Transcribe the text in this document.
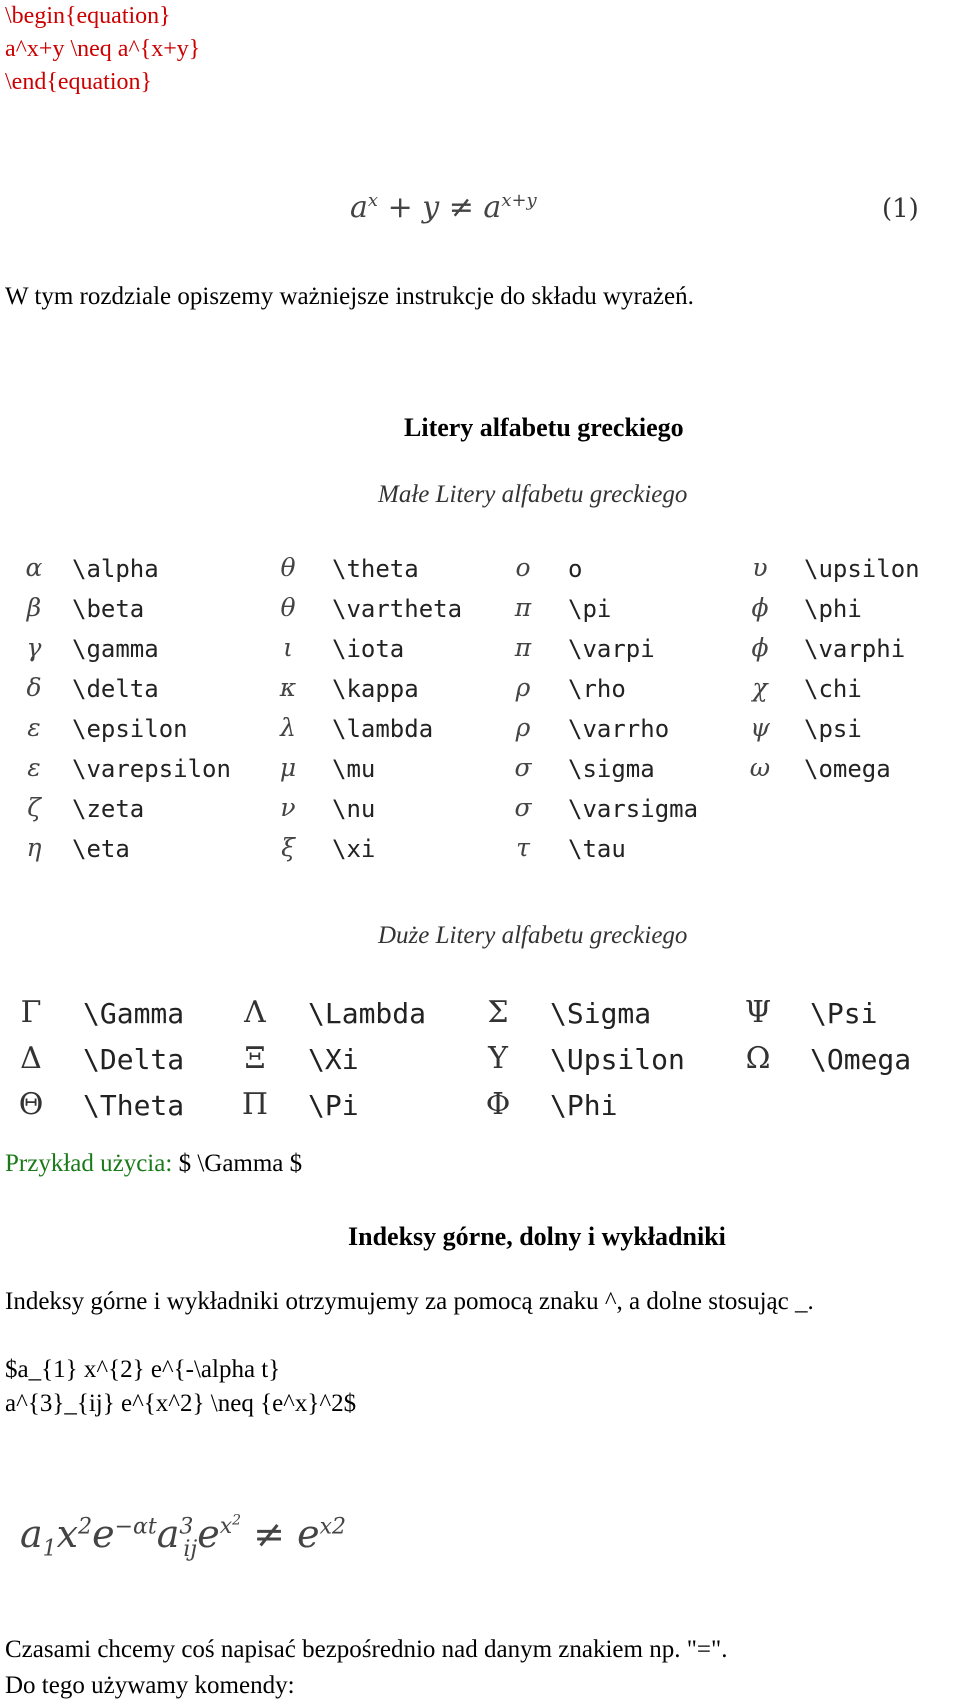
\begin{equation}
a^x+y \neq a^{x+y}
\end{equation}
$a^x + y \ne a^{x+y}$	(1)
W tym rozdziale opiszemy ważniejsze instrukcje do składu wyrażeń.
Litery alfabetu greckiego
Małe Litery alfabetu greckiego
α	\alpha
β	\beta
γ	\gamma
δ	\delta
ε	\epsilon
ε	\varepsilon
ζ	\zeta
η	\eta
θ	\theta
θ	\vartheta
ι	\iota
κ	\kappa
λ	\lambda
μ	\mu
ν	\nu
ξ	\xi
o	o
π	\pi
π	\varpi
ρ	\rho
ρ	\varrho
σ	\sigma
σ	\varsigma
τ	\tau
υ	\upsilon
ϕ	\phi
ϕ	\varphi
χ	\chi
ψ	\psi
ω	\omega
Duże Litery alfabetu greckiego
Γ	\Gamma
Δ	\Delta
Θ	\Theta
Λ	\Lambda
Ξ	\Xi
Π	\Pi
Σ	\Sigma
Υ	\Upsilon
Φ	\Phi
Ψ	\Psi
Ω	\Omega
Przykład użycia: $ \Gamma $
Indeksy górne, dolny i wykładniki
Indeksy górne i wykładniki otrzymujemy za pomocą znaku ^, a dolne stosując _.
$a_{1} x^{2} e^{-\alpha t}
a^{3}_{ij} e^{x^2} \neq {e^x}^2$
$a_1x^2e^{-\alpha t}a^3_{ij}e^{x^2} \ne e^{x2}$
Czasami chcemy coś napisać bezpośrednio nad danym znakiem np. "=".
Do tego używamy komendy:
